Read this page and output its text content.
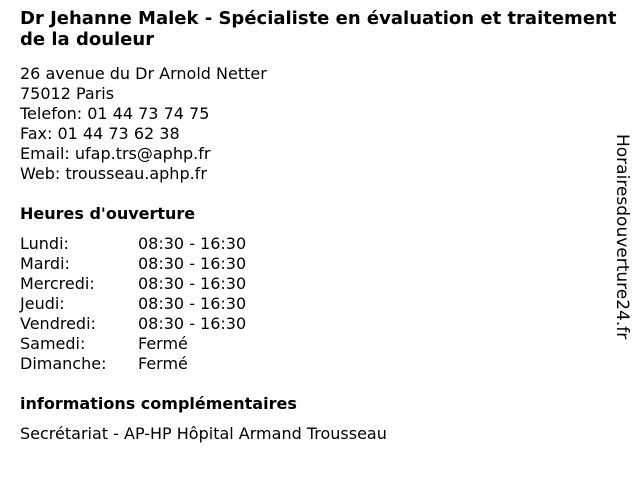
Dr Jehanne Malek - Spécialiste en évaluation et traitement de la douleur
26 avenue du Dr Arnold Netter
75012 Paris
Telefon: 01 44 73 74 75
Fax: 01 44 73 62 38
Email: ufap.trs@aphp.fr
Web: trousseau.aphp.fr
Heures d'ouverture
Lundi:	08:30 - 16:30
Mardi:	08:30 - 16:30
Mercredi:	08:30 - 16:30
Jeudi:	08:30 - 16:30
Vendredi:	08:30 - 16:30
Samedi:	Fermé
Dimanche: Fermé
informations complémentaires
Secrétariat - AP-HP Hôpital Armand Trousseau
Horairesdouverture24.fr
